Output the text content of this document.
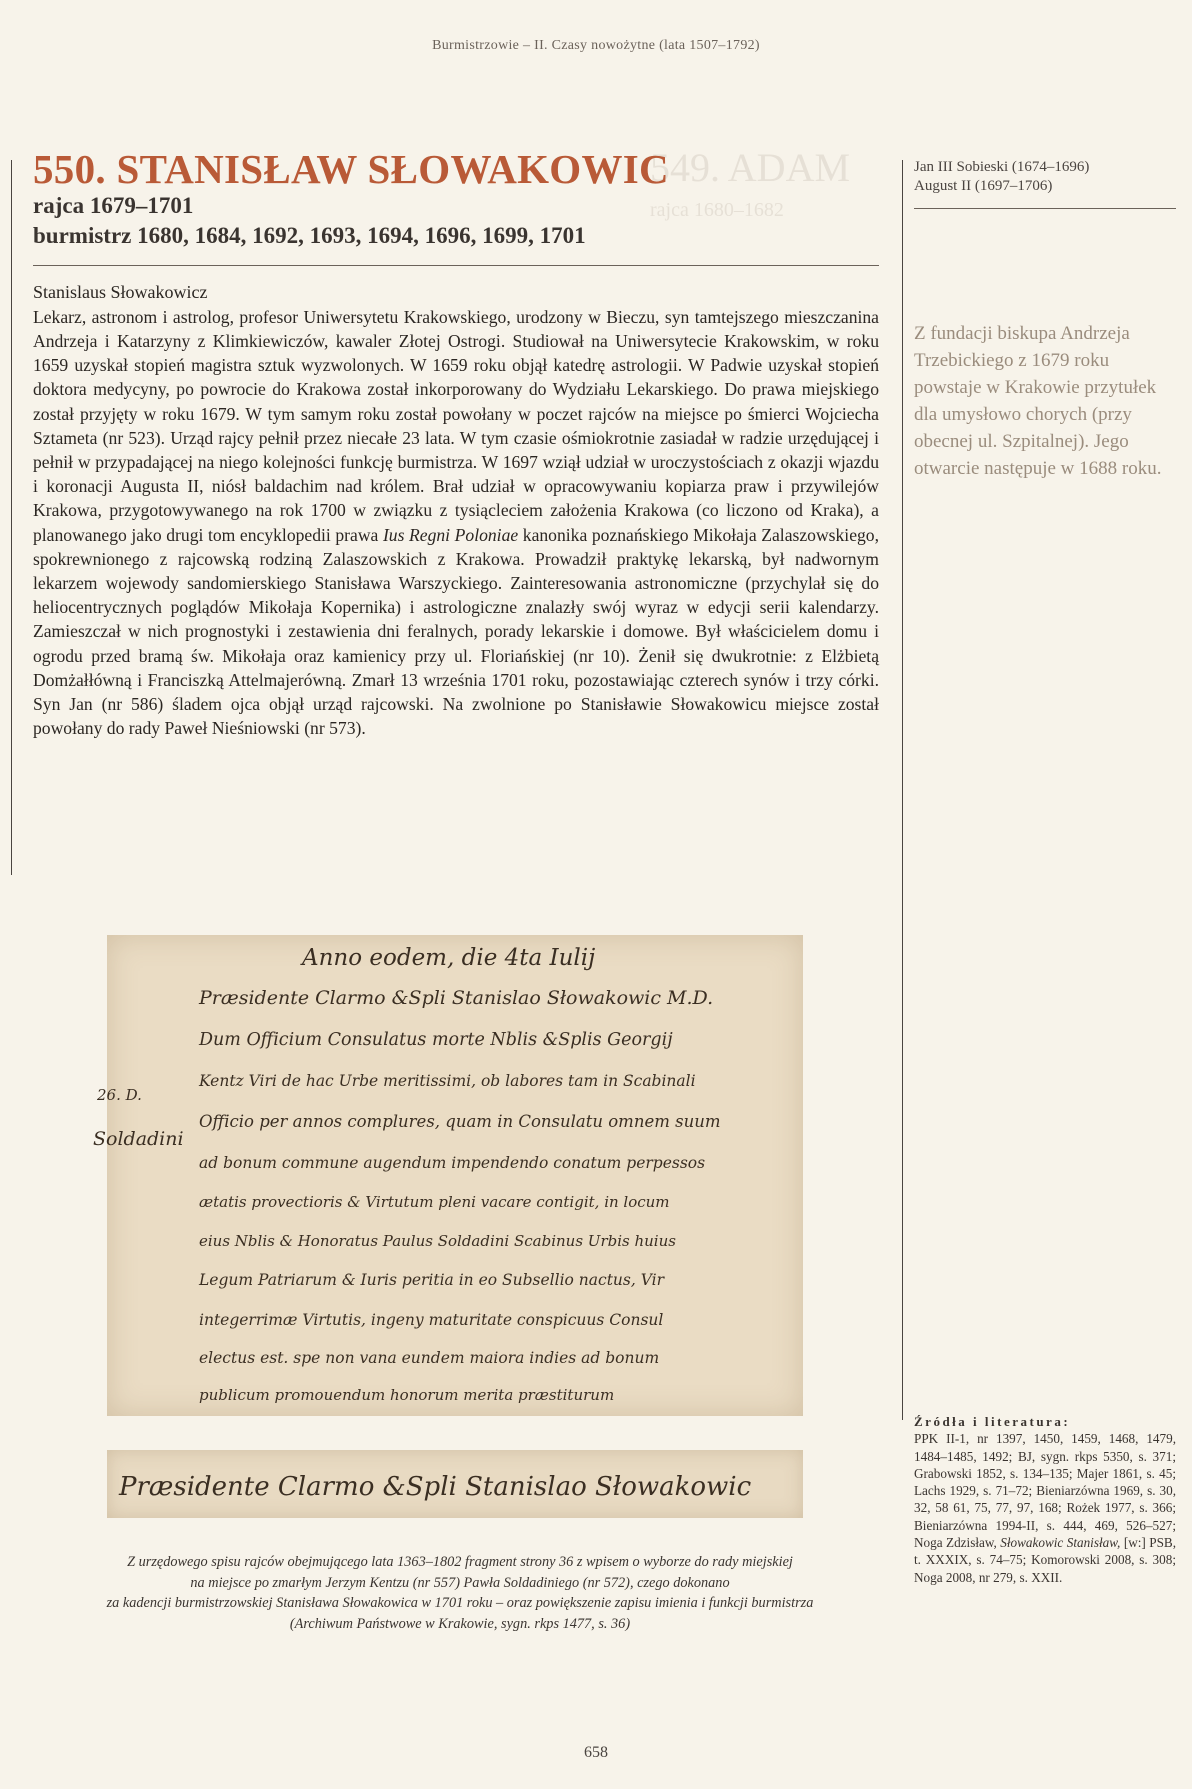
Burmistrzowie – II. Czasy nowożytne (lata 1507–1792)
549. ADAM
rajca 1680–1682
550. STANISŁAW SŁOWAKOWIC
rajca 1679–1701
burmistrz 1680, 1684, 1692, 1693, 1694, 1696, 1699, 1701
Stanislaus Słowakowicz
Lekarz, astronom i astrolog, profesor Uniwersytetu Krakowskiego, urodzony w Bieczu, syn tamtejszego mieszczanina Andrzeja i Katarzyny z Klimkiewiczów, kawaler Złotej Ostrogi. Studiował na Uniwersytecie Krakowskim, w roku 1659 uzyskał stopień magistra sztuk wyzwolonych. W 1659 roku objął katedrę astrologii. W Padwie uzyskał stopień doktora medycyny, po powrocie do Krakowa został inkorporowany do Wydziału Lekarskiego. Do prawa miejskiego został przyjęty w roku 1679. W tym samym roku został powołany w poczet rajców na miejsce po śmierci Wojciecha Sztameta (nr 523). Urząd rajcy pełnił przez niecałe 23 lata. W tym czasie ośmiokrotnie zasiadał w radzie urzędującej i pełnił w przypadającej na niego kolejności funkcję burmistrza. W 1697 wziął udział w uroczystościach z okazji wjazdu i koronacji Augusta II, niósł baldachim nad królem. Brał udział w opracowywaniu kopiarza praw i przywilejów Krakowa, przygotowywanego na rok 1700 w związku z tysiącleciem założenia Krakowa (co liczono od Kraka), a planowanego jako drugi tom encyklopedii prawa Ius Regni Poloniae kanonika poznańskiego Mikołaja Zalaszowskiego, spokrewnionego z rajcowską rodziną Zalaszowskich z Krakowa. Prowadził praktykę lekarską, był nadwornym lekarzem wojewody sandomierskiego Stanisława Warszyckiego. Zainteresowania astronomiczne (przychylał się do heliocentrycznych poglądów Mikołaja Kopernika) i astrologiczne znalazły swój wyraz w edycji serii kalendarzy. Zamieszczał w nich prognostyki i zestawienia dni feralnych, porady lekarskie i domowe. Był właścicielem domu i ogrodu przed bramą św. Mikołaja oraz kamienicy przy ul. Floriańskiej (nr 10). Żenił się dwukrotnie: z Elżbietą Domżałłówną i Franciszką Attelmajerówną. Zmarł 13 września 1701 roku, pozostawiając czterech synów i trzy córki. Syn Jan (nr 586) śladem ojca objął urząd rajcowski. Na zwolnione po Stanisławie Słowakowicu miejsce został powołany do rady Paweł Nieśniowski (nr 573).
Jan III Sobieski (1674–1696)
August II (1697–1706)
Z fundacji biskupa Andrzeja Trzebickiego z 1679 roku powstaje w Krakowie przytułek dla umysłowo chorych (przy obecnej ul. Szpitalnej). Jego otwarcie następuje w 1688 roku.
26. D.
Soldadini
Anno eodem, die 4ta Iulij
Præsidente Clarmo &Spli Stanislao Słowakowic M.D.
Dum Officium Consulatus morte Nblis &Splis Georgij
Kentz Viri de hac Urbe meritissimi, ob labores tam in Scabinali
Officio per annos complures, quam in Consulatu omnem suum
ad bonum commune augendum impendendo conatum perpessos
ætatis provectioris & Virtutum pleni vacare contigit, in locum
eius Nblis & Honoratus Paulus Soldadini Scabinus Urbis huius
Legum Patriarum & Iuris peritia in eo Subsellio nactus, Vir
integerrimæ Virtutis, ingeny maturitate conspicuus Consul
electus est. spe non vana eundem maiora indies ad bonum
publicum promouendum honorum merita præstiturum
Præsidente Clarmo &Spli Stanislao Słowakowic
Z urzędowego spisu rajców obejmującego lata 1363–1802 fragment strony 36 z wpisem o wyborze do rady miejskiej
na miejsce po zmarłym Jerzym Kentzu (nr 557) Pawła Soldadiniego (nr 572), czego dokonano
za kadencji burmistrzowskiej Stanisława Słowakowica w 1701 roku – oraz powiększenie zapisu imienia i funkcji burmistrza
(Archiwum Państwowe w Krakowie, sygn. rkps 1477, s. 36)
Źródła i literatura:
PPK II-1, nr 1397, 1450, 1459, 1468, 1479, 1484–1485, 1492; BJ, sygn. rkps 5350, s. 371; Grabowski 1852, s. 134–135; Majer 1861, s. 45; Lachs 1929, s. 71–72; Bieniarzówna 1969, s. 30, 32, 58 61, 75, 77, 97, 168; Rożek 1977, s. 366; Bieniarzówna 1994-II, s. 444, 469, 526–527; Noga Zdzisław, Słowakowic Stanisław, [w:] PSB, t. XXXIX, s. 74–75; Komorowski 2008, s. 308; Noga 2008, nr 279, s. XXII.
658
